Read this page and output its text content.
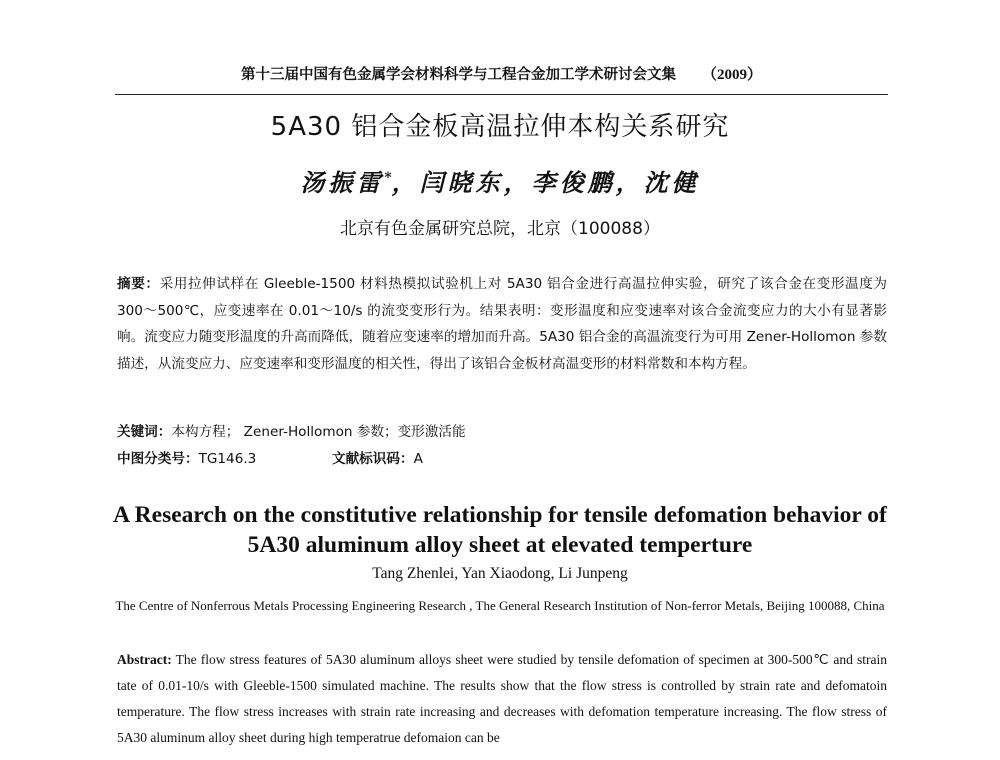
第十三届中国有色金属学会材料科学与工程合金加工学术研讨会文集 （2009）
5A30 铝合金板高温拉伸本构关系研究
汤振雷*，闫晓东，李俊鹏，沈健
北京有色金属研究总院，北京（100088）
摘要：采用拉伸试样在 Gleeble-1500 材料热模拟试验机上对 5A30 铝合金进行高温拉伸实验，研究了该合金在变形温度为 300～500℃，应变速率在 0.01～10/s 的流变变形行为。结果表明：变形温度和应变速率对该合金流变应力的大小有显著影响。流变应力随变形温度的升高而降低，随着应变速率的增加而升高。5A30 铝合金的高温流变行为可用 Zener-Hollomon 参数描述，从流变应力、应变速率和变形温度的相关性，得出了该铝合金板材高温变形的材料常数和本构方程。
关键词：本构方程； Zener-Hollomon 参数；变形激活能
中图分类号：TG146.3	文献标识码：A
A Research on the constitutive relationship for tensile defomation behavior of 5A30 aluminum alloy sheet at elevated temperture
Tang Zhenlei, Yan Xiaodong, Li Junpeng
The Centre of Nonferrous Metals Processing Engineering Research , The General Research Institution of Non-ferror Metals, Beijing 100088, China
Abstract: The flow stress features of 5A30 aluminum alloys sheet were studied by tensile defomation of specimen at 300-500℃ and strain tate of 0.01-10/s with Gleeble-1500 simulated machine. The results show that the flow stress is controlled by strain rate and defomatoin temperature. The flow stress increases with strain rate increasing and decreases with defomation temperature increasing. The flow stress of 5A30 aluminum alloy sheet during high temperatrue defomaion can be
